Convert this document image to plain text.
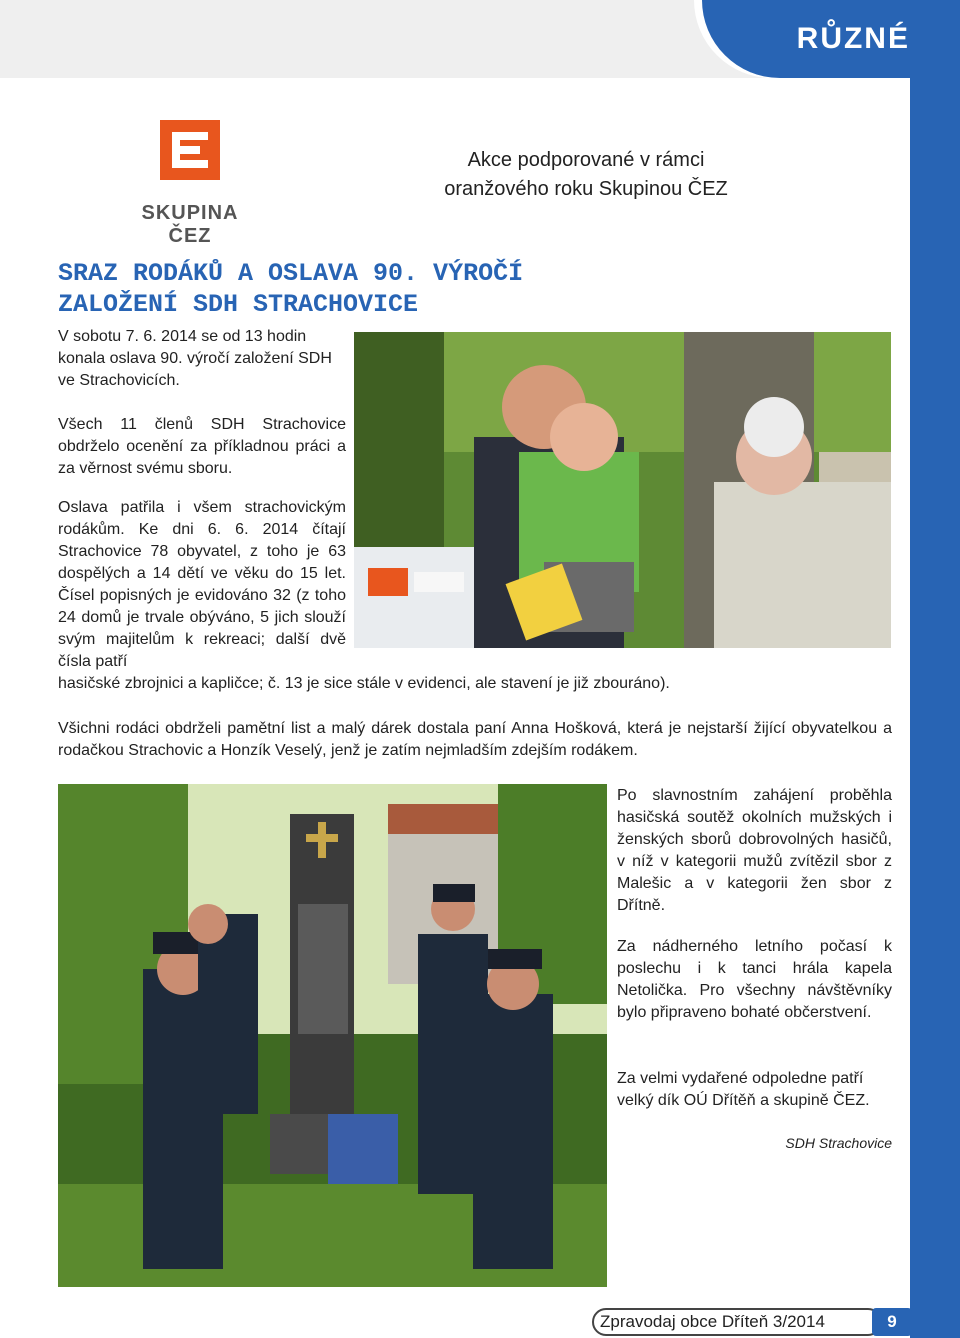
RŮZNÉ
SKUPINA ČEZ
Akce podporované v rámci
oranžového roku Skupinou ČEZ
SRAZ RODÁKŮ A OSLAVA 90. VÝROČÍ
ZALOŽENÍ SDH STRACHOVICE

V sobotu 7. 6. 2014 se od 13 hodin konala oslava 90. výročí založení SDH ve Strachovicích.

Všech 11 členů SDH Strachovice obdrželo ocenění za příkladnou práci a za věrnost svému sboru.

Oslava patřila i všem strachovickým rodákům. Ke dni 6. 6. 2014 čítají Strachovice 78 obyvatel, z toho je 63 dospělých a 14 dětí ve věku do 15 let. Čísel popisných je evidováno 32 (z toho 24 domů je trvale obýváno, 5 jich slouží svým majitelům k rekreaci; další dvě čísla patří

hasičské zbrojnici a kapličce; č. 13 je sice stále v evidenci, ale stavení je již zbouráno).

Všichni rodáci obdrželi pamětní list a malý dárek dostala paní Anna Hošková, která je nejstarší žijící obyvatelkou a rodačkou Strachovic a Honzík Veselý, jenž je zatím nejmladším zdejším rodákem.

Po slavnostním zahájení proběhla hasičská soutěž okolních mužských i ženských sborů dobrovolných hasičů, v níž v kategorii mužů zvítězil sbor z Malešic a v kategorii žen sbor z Dřítně.

Za nádherného letního počasí k poslechu i k tanci hrála kapela Netolička. Pro všechny návštěvníky bylo připraveno bohaté občerstvení.

Za velmi vydařené odpoledne patří velký dík OÚ Dřítěň a skupině ČEZ.

SDH Strachovice
Zpravodaj obce Dříteň 3/2014	9
